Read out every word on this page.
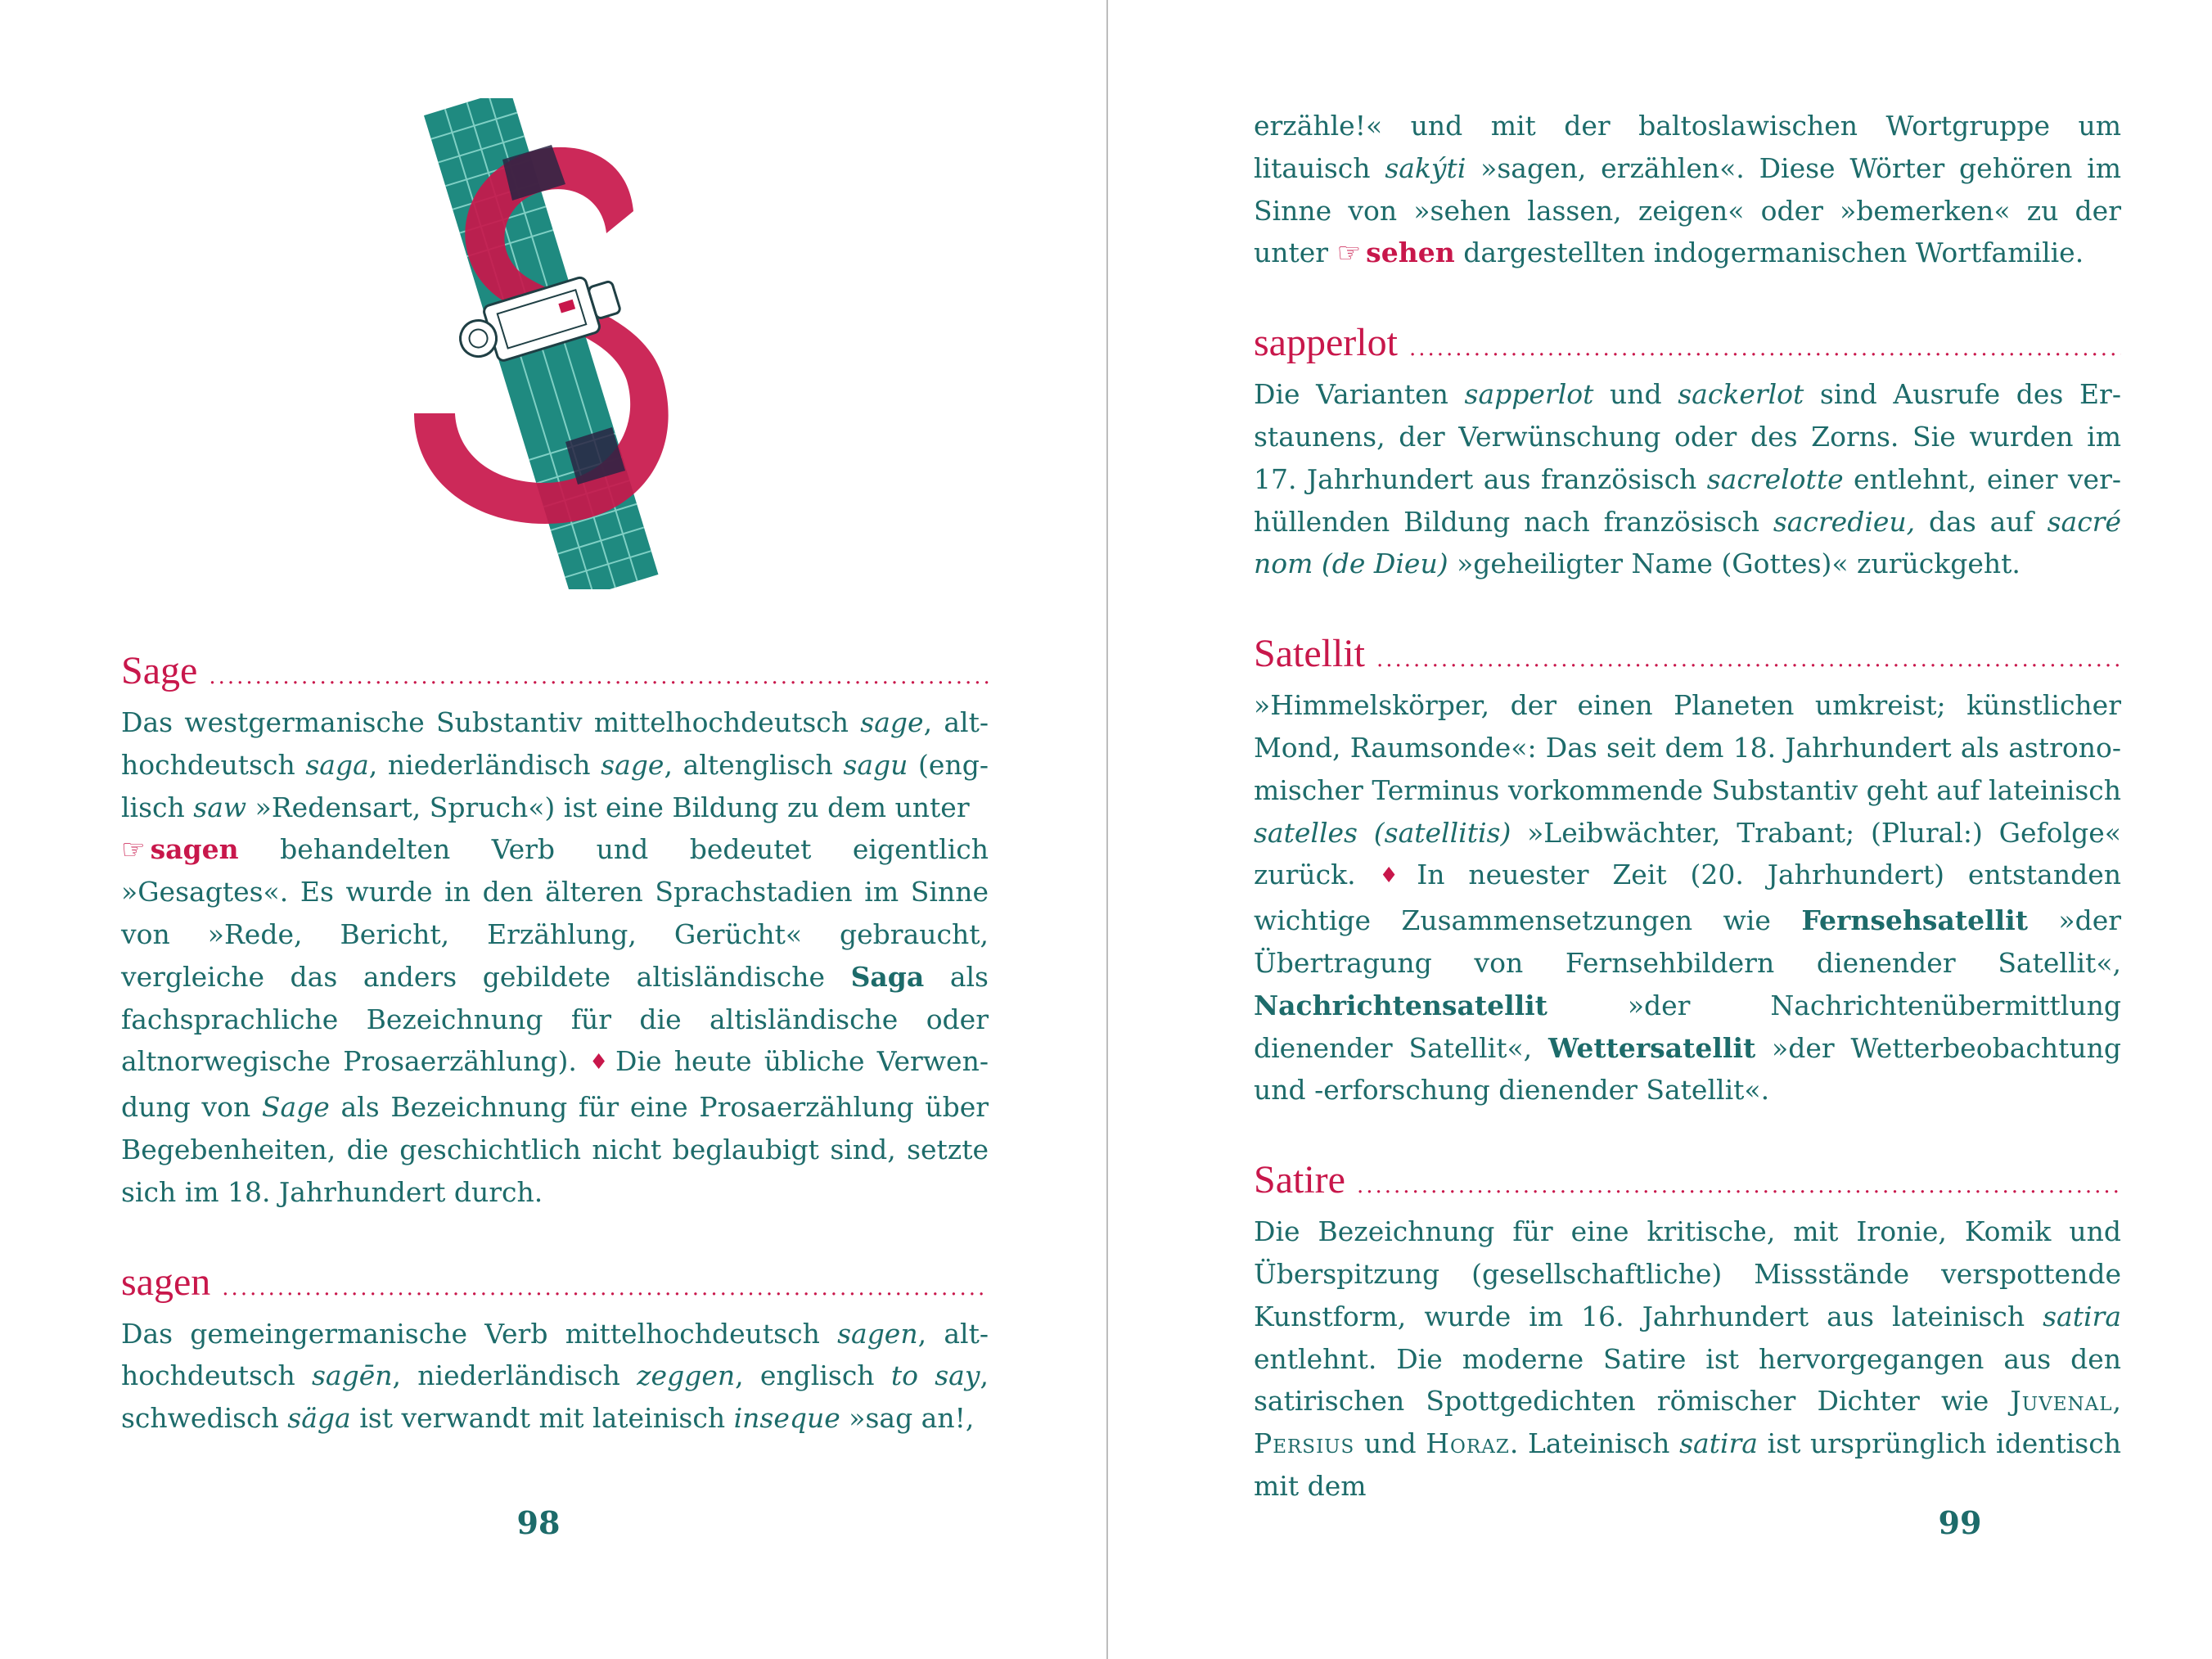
Sage
.....

Das westgermanische Substantiv mittelhochdeutsch sage, althochdeutsch saga, niederländisch sage, altenglisch sagu (englisch saw »Redensart, Spruch«) ist eine Bildung zu dem unter
☞ sagen behandelten Verb und bedeutet eigentlich »Gesagtes«. Es wurde in den älteren Sprachstadien im Sinne von »Rede, Bericht, Erzählung, Gerücht« gebraucht, vergleiche das anders gebildete altisländische Saga als fachsprachliche Bezeichnung für die altisländische oder altnorwegische Prosaerzählung). ♦ Die heute übliche Verwendung von Sage als Bezeichnung für eine Prosaerzählung über Begebenheiten, die geschichtlich nicht beglaubigt sind, setzte sich im 18. Jahrhundert durch.

sagen
.....

Das gemeingermanische Verb mittelhochdeutsch sagen, althochdeutsch sagēn, niederländisch zeggen, englisch to say, schwedisch säga ist verwandt mit lateinisch inseque »sag an!,

98

erzähle!« und mit der baltoslawischen Wortgruppe um litauisch sakýti »sagen, erzählen«. Diese Wörter gehören im Sinne von »sehen lassen, zeigen« oder »bemerken« zu der unter ☞ sehen dargestellten indogermanischen Wortfamilie.

sapperlot
.....

Die Varianten sapperlot und sackerlot sind Ausrufe des Erstaunens, der Verwünschung oder des Zorns. Sie wurden im 17. Jahrhundert aus französisch sacrelotte entlehnt, einer verhüllenden Bildung nach französisch sacredieu, das auf sacré nom (de Dieu) »geheiligter Name (Gottes)« zurückgeht.

Satellit
.....

»Himmelskörper, der einen Planeten umkreist; künstlicher Mond, Raumsonde«: Das seit dem 18. Jahrhundert als astronomischer Terminus vorkommende Substantiv geht auf lateinisch satelles (satellitis) »Leibwächter, Trabant; (Plural:) Gefolge« zurück. ♦ In neuester Zeit (20. Jahrhundert) entstanden wichtige Zusammensetzungen wie Fernsehsatellit »der Übertragung von Fernsehbildern dienender Satellit«, Nachrichtensatellit »der Nachrichtenübermittlung dienender Satellit«, Wettersatellit »der Wetterbeobachtung und -erforschung dienender Satellit«.

Satire
.....

Die Bezeichnung für eine kritische, mit Ironie, Komik und Überspitzung (gesellschaftliche) Missstände verspottende Kunstform, wurde im 16. Jahrhundert aus lateinisch satira entlehnt. Die moderne Satire ist hervorgegangen aus den satirischen Spottgedichten römischer Dichter wie Juvenal, Persius und Horaz. Lateinisch satira ist ursprünglich identisch mit dem

99
